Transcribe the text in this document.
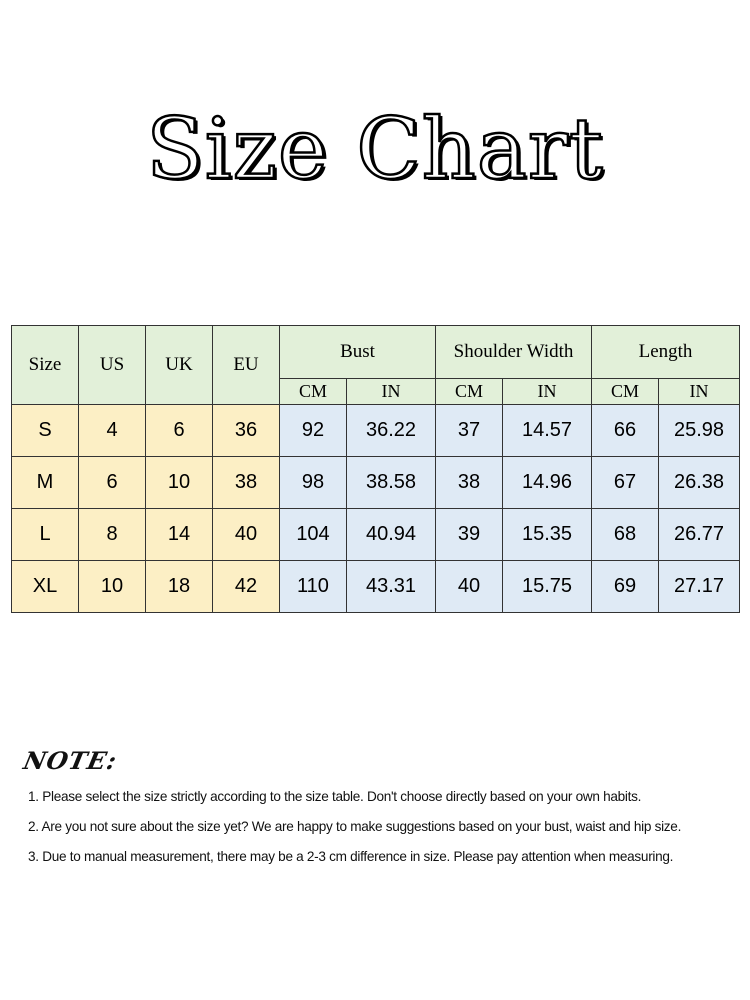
Size Chart
Size	US	UK	EU	Bust		Shoulder Width		Length	
				CM	IN	CM	IN	CM	IN
S	4	6	36	92	36.22	37	14.57	66	25.98
M	6	10	38	98	38.58	38	14.96	67	26.38
L	8	14	40	104	40.94	39	15.35	68	26.77
XL	10	18	42	110	43.31	40	15.75	69	27.17
NOTE:
1. Please select the size strictly according to the size table. Don't choose directly based on your own habits.
2. Are you not sure about the size yet? We are happy to make suggestions based on your bust, waist and hip size.
3. Due to manual measurement, there may be a 2-3 cm difference in size. Please pay attention when measuring.
